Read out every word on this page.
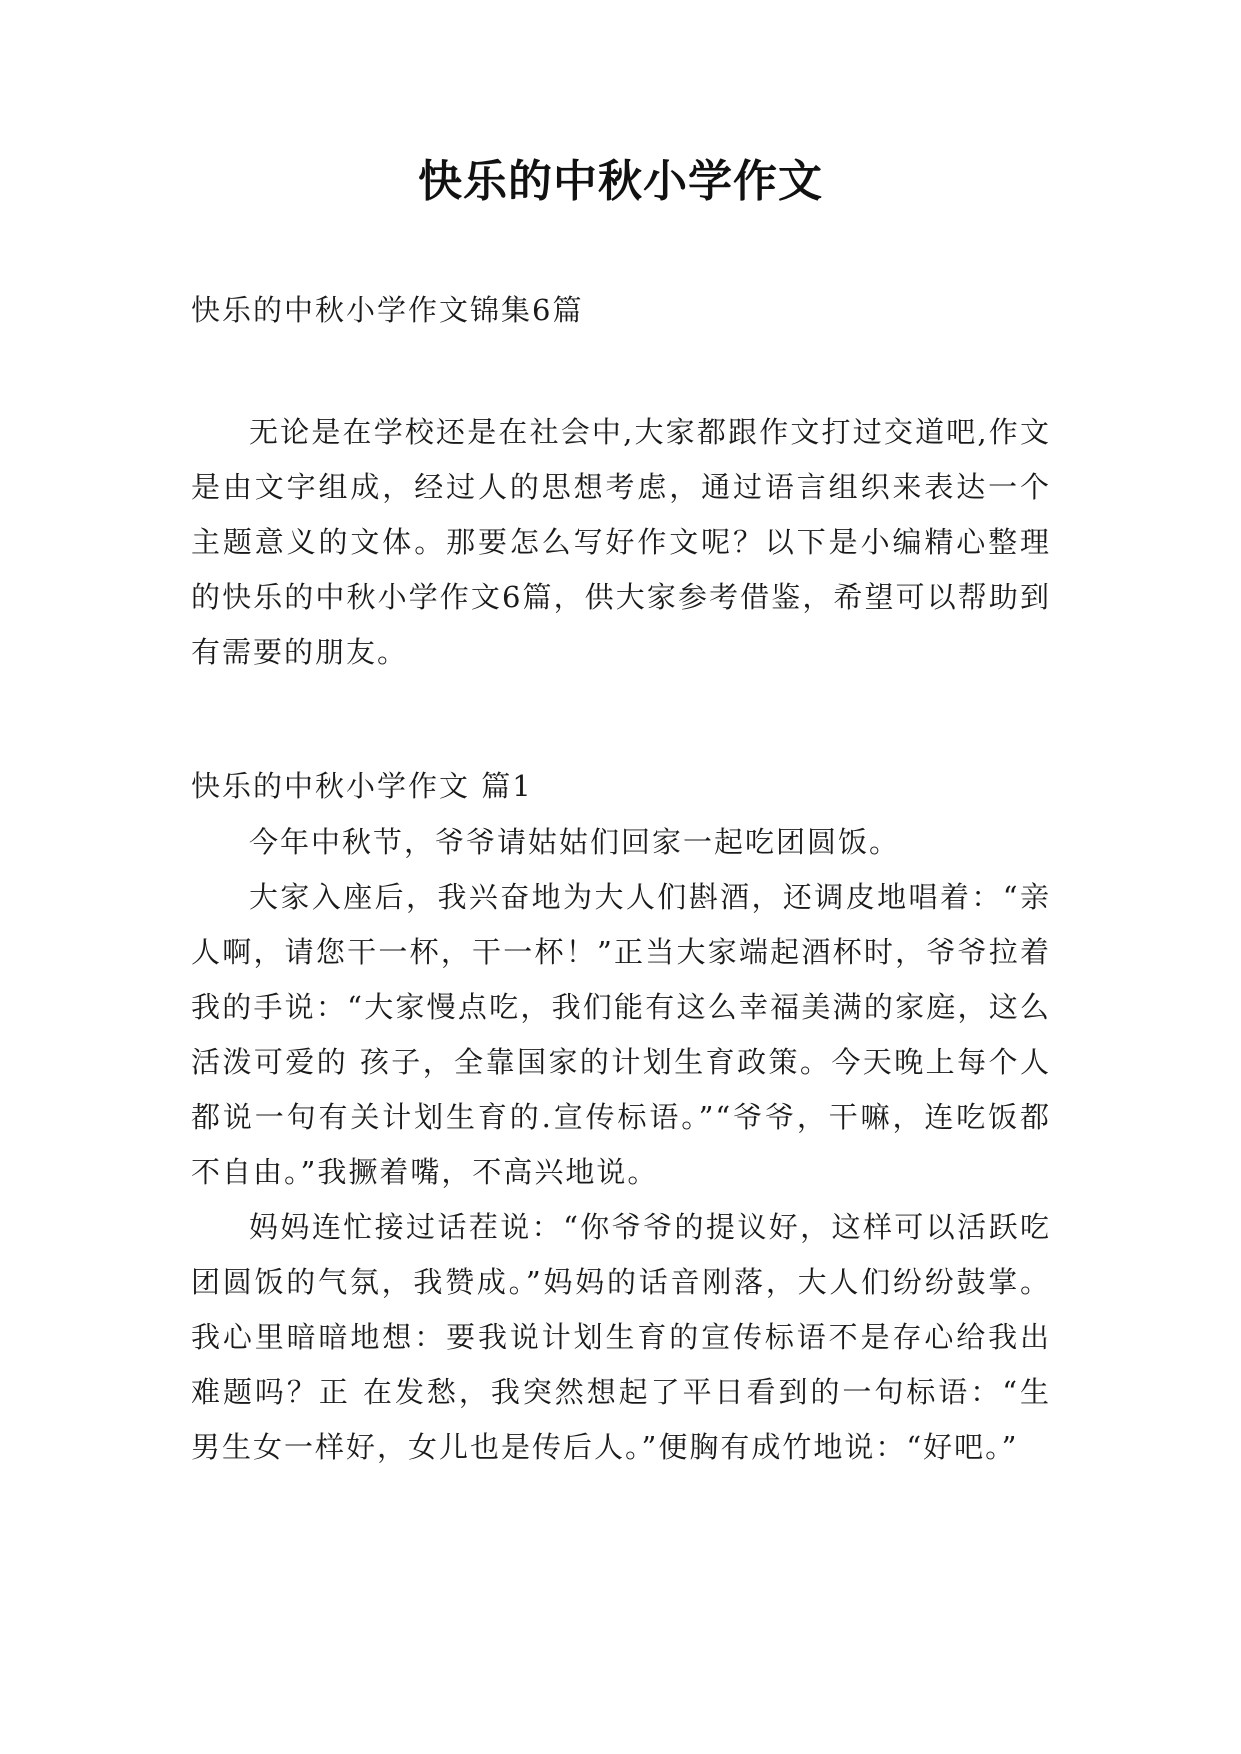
快乐的中秋小学作文
快乐的中秋小学作文锦集6篇

无论是在学校还是在社会中,大家都跟作文打过交道吧,作文是由文字组成，经过人的思想考虑，通过语言组织来表达一个主题意义的文体。那要怎么写好作文呢？以下是小编精心整理的快乐的中秋小学作文6篇，供大家参考借鉴，希望可以帮助到有需要的朋友。

快乐的中秋小学作文 篇1

今年中秋节，爷爷请姑姑们回家一起吃团圆饭。

大家入座后，我兴奋地为大人们斟酒，还调皮地唱着：“亲人啊，请您干一杯，干一杯！”正当大家端起酒杯时，爷爷拉着我的手说：“大家慢点吃，我们能有这么幸福美满的家庭，这么活泼可爱的 孩子，全靠国家的计划生育政策。今天晚上每个人都说一句有关计划生育的.宣传标语。”“爷爷，干嘛，连吃饭都不自由。”我撅着嘴，不高兴地说。

妈妈连忙接过话茬说：“你爷爷的提议好，这样可以活跃吃团圆饭的气氛，我赞成。”妈妈的话音刚落，大人们纷纷鼓掌。我心里暗暗地想：要我说计划生育的宣传标语不是存心给我出难题吗？正 在发愁，我突然想起了平日看到的一句标语：“生男生女一样好，女儿也是传后人。”便胸有成竹地说：“好吧。”
